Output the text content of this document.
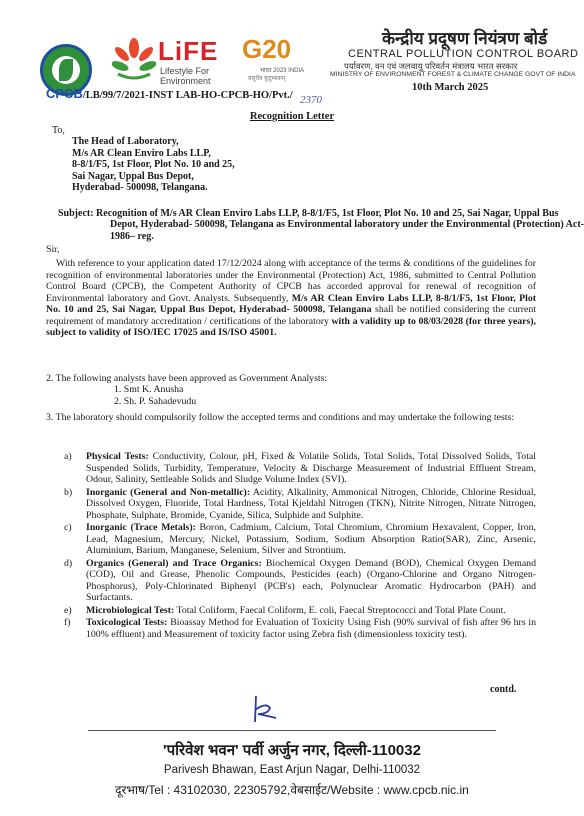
LiFE
Lifestyle For
Environment
G20
भारत 2023 INDIA
वसुधैव कुटुम्बकम्
केन्द्रीय प्रदूषण नियंत्रण बोर्ड
CENTRAL POLLUTION CONTROL BOARD
पर्यावरण, वन एवं जलवायु परिवर्तन मंत्रालय भारत सरकार
MINISTRY OF ENVIRONMENT FOREST & CLIMATE CHANGE GOVT OF INDIA
10th March 2025
CPCB/LB/99/7/2021-INST LAB-HO-CPCB-HO/Pvt./ 2370
Recognition Letter
To,
The Head of Laboratory,
M/s AR Clean Enviro Labs LLP,
8-8/1/F5, 1st Floor, Plot No. 10 and 25,
Sai Nagar, Uppal Bus Depot,
Hyderabad- 500098, Telangana.
Subject: Recognition of M/s AR Clean Enviro Labs LLP, 8-8/1/F5, 1st Floor, Plot No. 10 and 25, Sai Nagar, Uppal Bus Depot, Hyderabad- 500098, Telangana as Environmental laboratory under the Environmental (Protection) Act- 1986– reg.
Sir,
With reference to your application dated 17/12/2024 along with acceptance of the terms & conditions of the guidelines for recognition of environmental laboratories under the Environmental (Protection) Act, 1986, submitted to Central Pollution Control Board (CPCB), the Competent Authority of CPCB has accorded approval for renewal of recognition of Environmental laboratory and Govt. Analysts. Subsequently, M/s AR Clean Enviro Labs LLP, 8-8/1/F5, 1st Floor, Plot No. 10 and 25, Sai Nagar, Uppal Bus Depot, Hyderabad- 500098, Telangana shall be notified considering the current requirement of mandatory accreditation / certifications of the laboratory with a validity up to 08/03/2028 (for three years), subject to validity of ISO/IEC 17025 and IS/ISO 45001.
2. The following analysts have been approved as Government Analysts:
1. Smt K. Anusha
2. Sh. P. Sahadevudu
3. The laboratory should compulsorily follow the accepted terms and conditions and may undertake the following tests:
a) Physical Tests: Conductivity, Colour, pH, Fixed & Volatile Solids, Total Solids, Total Dissolved Solids, Total Suspended Solids, Turbidity, Temperature, Velocity & Discharge Measurement of Industrial Effluent Stream, Odour, Salinity, Settleable Solids and Sludge Volume Index (SVI).
b) Inorganic (General and Non-metallic): Acidity, Alkalinity, Ammonical Nitrogen, Chloride, Chlorine Residual, Dissolved Oxygen, Fluoride, Total Hardness, Total Kjeldahl Nitrogen (TKN), Nitrite Nitrogen, Nitrate Nitrogen, Phosphate, Sulphate, Bromide, Cyanide, Silica, Sulphide and Sulphite.
c) Inorganic (Trace Metals): Boron, Cadmium, Calcium, Total Chromium, Chromium Hexavalent, Copper, Iron, Lead, Magnesium, Mercury, Nickel, Potassium, Sodium, Sodium Absorption Ratio(SAR), Zinc, Arsenic, Aluminium, Barium, Manganese, Selenium, Silver and Strontium.
d) Organics (General) and Trace Organics: Biochemical Oxygen Demand (BOD), Chemical Oxygen Demand (COD), Oil and Grease, Phenolic Compounds, Pesticides (each) (Organo-Chlorine and Organo Nitrogen-Phosphorus), Poly-Chlorinated Biphenyl (PCB's) each, Polynuclear Aromatic Hydrocarbon (PAH) and Surfactants.
e) Microbiological Test: Total Coliform, Faecal Coliform, E. coli, Faecal Streptococci and Total Plate Count.
f) Toxicological Tests: Bioassay Method for Evaluation of Toxicity Using Fish (90% survival of fish after 96 hrs in 100% effluent) and Measurement of toxicity factor using Zebra fish (dimensionless toxicity test).
contd.
'परिवेश भवन' पर्वी अर्जुन नगर, दिल्ली-110032
Parivesh Bhawan, East Arjun Nagar, Delhi-110032
दूरभाष/Tel : 43102030, 22305792,वेबसाईट/Website : www.cpcb.nic.in
